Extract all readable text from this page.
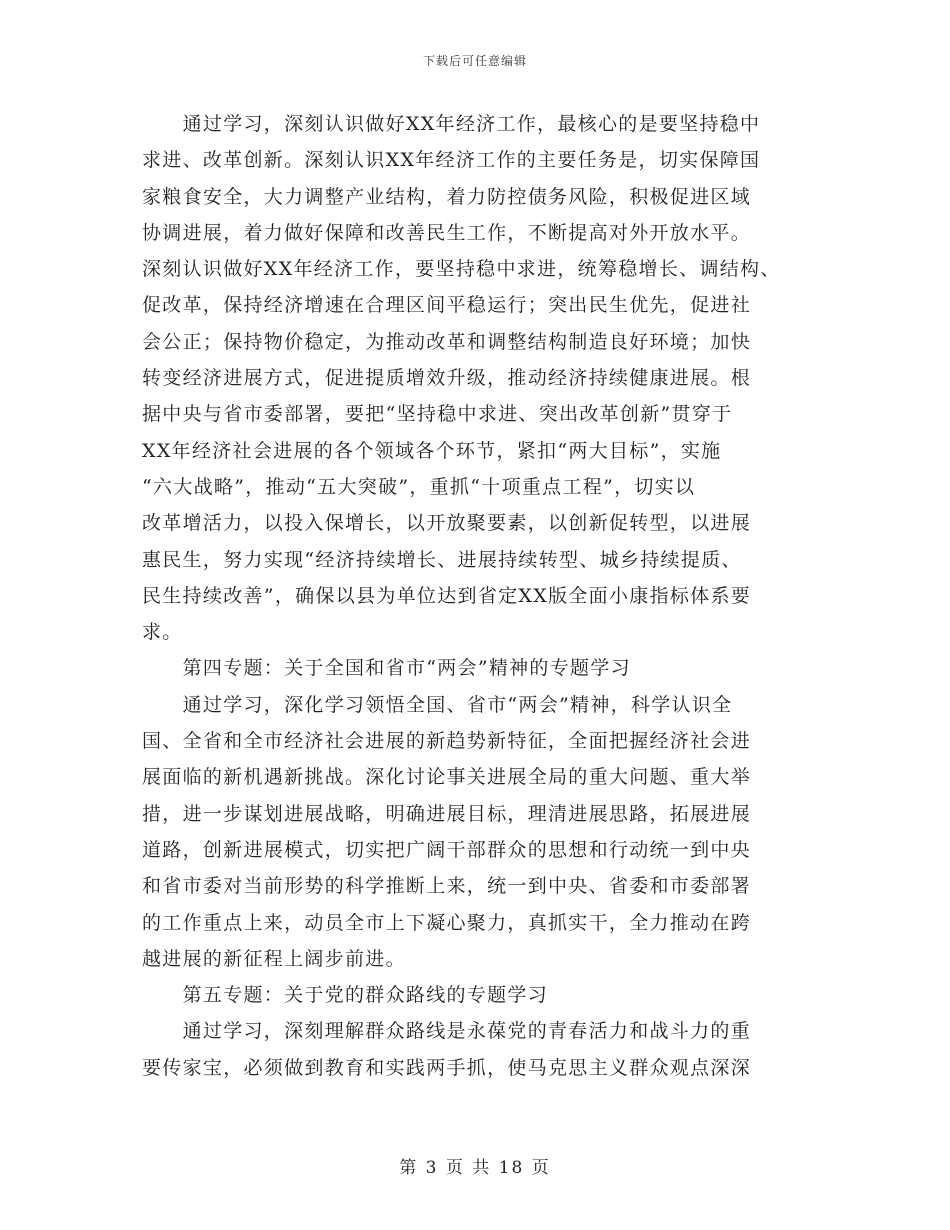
下载后可任意编辑
　　通过学习，深刻认识做好XX年经济工作，最核心的是要坚持稳中
求进、改革创新。深刻认识XX年经济工作的主要任务是，切实保障国
家粮食安全，大力调整产业结构，着力防控债务风险，积极促进区域
协调进展，着力做好保障和改善民生工作，不断提高对外开放水平。
深刻认识做好XX年经济工作，要坚持稳中求进，统筹稳增长、调结构、
促改革，保持经济增速在合理区间平稳运行；突出民生优先，促进社
会公正；保持物价稳定，为推动改革和调整结构制造良好环境；加快
转变经济进展方式，促进提质增效升级，推动经济持续健康进展。根
据中央与省市委部署，要把“坚持稳中求进、突出改革创新”贯穿于
XX年经济社会进展的各个领域各个环节，紧扣“两大目标”，实施
“六大战略”，推动“五大突破”，重抓“十项重点工程”，切实以
改革增活力，以投入保增长，以开放聚要素，以创新促转型，以进展
惠民生，努力实现“经济持续增长、进展持续转型、城乡持续提质、
民生持续改善”，确保以县为单位达到省定XX版全面小康指标体系要
求。
　　第四专题：关于全国和省市“两会”精神的专题学习
　　通过学习，深化学习领悟全国、省市“两会”精神，科学认识全
国、全省和全市经济社会进展的新趋势新特征，全面把握经济社会进
展面临的新机遇新挑战。深化讨论事关进展全局的重大问题、重大举
措，进一步谋划进展战略，明确进展目标，理清进展思路，拓展进展
道路，创新进展模式，切实把广阔干部群众的思想和行动统一到中央
和省市委对当前形势的科学推断上来，统一到中央、省委和市委部署
的工作重点上来，动员全市上下凝心聚力，真抓实干，全力推动在跨
越进展的新征程上阔步前进。
　　第五专题：关于党的群众路线的专题学习
　　通过学习，深刻理解群众路线是永葆党的青春活力和战斗力的重
要传家宝，必须做到教育和实践两手抓，使马克思主义群众观点深深
第 3 页 共 18 页
